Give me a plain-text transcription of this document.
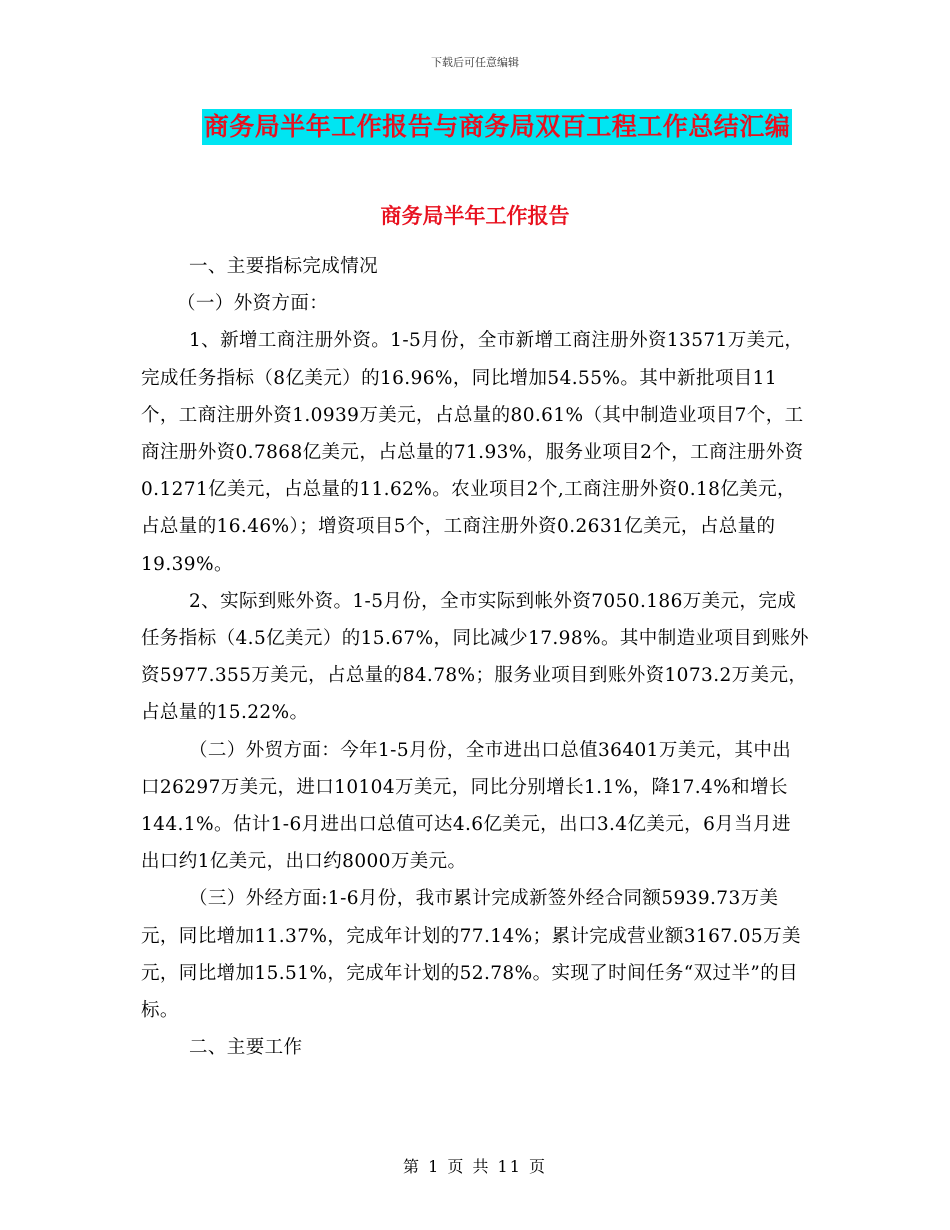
下载后可任意编辑
商务局半年工作报告与商务局双百工程工作总结汇编
商务局半年工作报告

一、主要指标完成情况

（一）外资方面：

1、新增工商注册外资。1-5月份，全市新增工商注册外资13571万美元，完成任务指标（8亿美元）的16.96%，同比增加54.55%。其中新批项目11个，工商注册外资1.0939万美元，占总量的80.61%（其中制造业项目7个，工商注册外资0.7868亿美元，占总量的71.93%，服务业项目2个，工商注册外资0.1271亿美元，占总量的11.62%。农业项目2个,工商注册外资0.18亿美元，占总量的16.46%）；增资项目5个，工商注册外资0.2631亿美元，占总量的19.39%。

2、实际到账外资。1-5月份，全市实际到帐外资7050.186万美元，完成任务指标（4.5亿美元）的15.67%，同比减少17.98%。其中制造业项目到账外资5977.355万美元，占总量的84.78%；服务业项目到账外资1073.2万美元，占总量的15.22%。

（二）外贸方面：今年1-5月份，全市进出口总值36401万美元，其中出口26297万美元，进口10104万美元，同比分别增长1.1%，降17.4%和增长144.1%。估计1-6月进出口总值可达4.6亿美元，出口3.4亿美元，6月当月进出口约1亿美元，出口约8000万美元。

（三）外经方面:1-6月份，我市累计完成新签外经合同额5939.73万美元，同比增加11.37%，完成年计划的77.14%；累计完成营业额3167.05万美元，同比增加15.51%，完成年计划的52.78%。实现了时间任务“双过半”的目标。

二、主要工作

第 1 页 共 11 页
